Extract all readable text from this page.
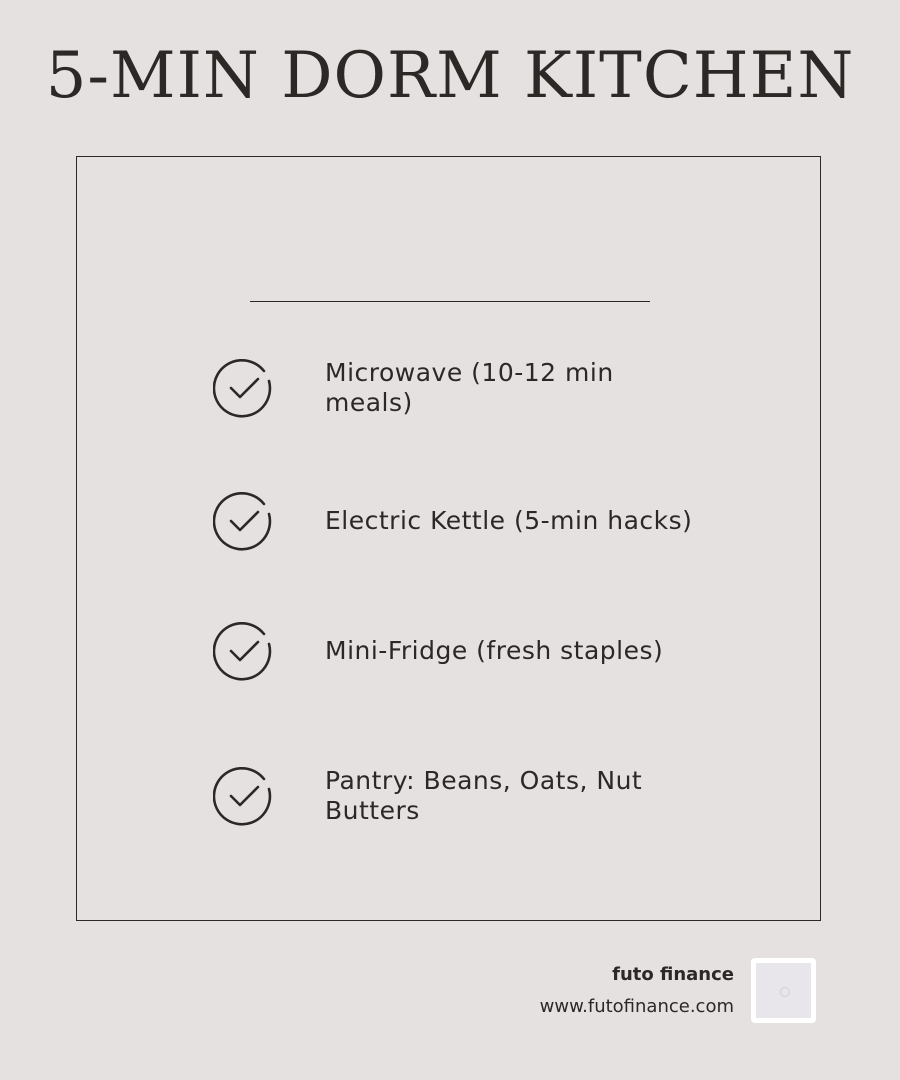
5-MIN DORM KITCHEN
Microwave (10-12 min meals)
Electric Kettle (5-min hacks)
Mini-Fridge (fresh staples)
Pantry: Beans, Oats, Nut Butters
futo finance
www.futofinance.com
